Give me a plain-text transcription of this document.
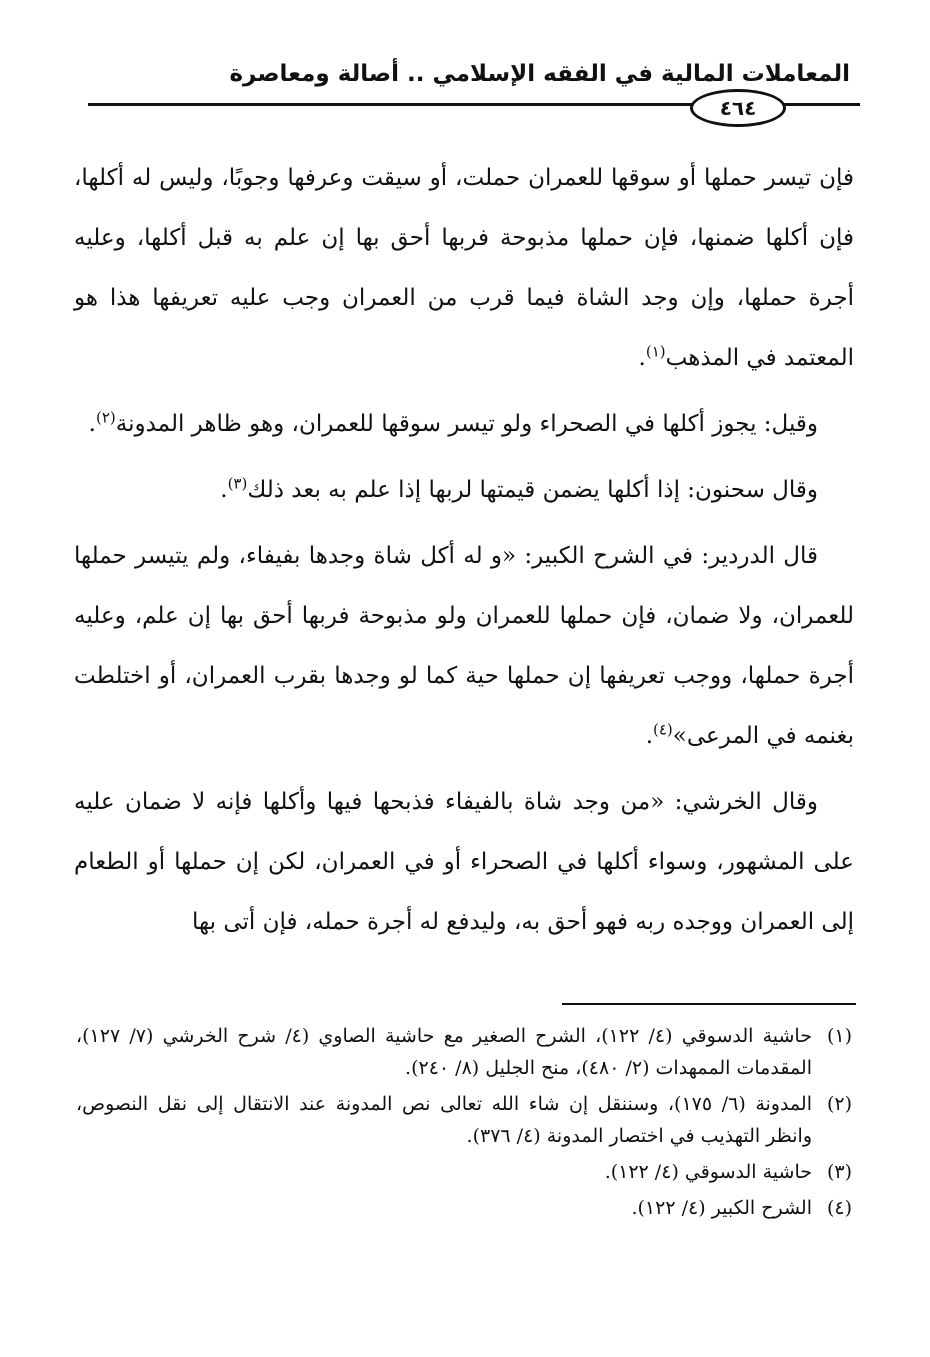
المعاملات المالية في الفقه الإسلامي .. أصالة ومعاصرة
٤٦٤

فإن تيسر حملها أو سوقها للعمران حملت، أو سيقت وعرفها وجوبًا، وليس له أكلها، فإن أكلها ضمنها، فإن حملها مذبوحة فربها أحق بها إن علم به قبل أكلها، وعليه أجرة حملها، وإن وجد الشاة فيما قرب من العمران وجب عليه تعريفها هذا هو المعتمد في المذهب$^{(١)}$.

وقيل: يجوز أكلها في الصحراء ولو تيسر سوقها للعمران، وهو ظاهر المدونة$^{(٢)}$.

وقال سحنون: إذا أكلها يضمن قيمتها لربها إذا علم به بعد ذلك$^{(٣)}$.

قال الدردير: في الشرح الكبير: «و له أكل شاة وجدها بفيفاء، ولم يتيسر حملها للعمران، ولا ضمان، فإن حملها للعمران ولو مذبوحة فربها أحق بها إن علم، وعليه أجرة حملها، ووجب تعريفها إن حملها حية كما لو وجدها بقرب العمران، أو اختلطت بغنمه في المرعى»$^{(٤)}$.

وقال الخرشي: «من وجد شاة بالفيفاء فذبحها فيها وأكلها فإنه لا ضمان عليه على المشهور، وسواء أكلها في الصحراء أو في العمران، لكن إن حملها أو الطعام إلى العمران ووجده ربه فهو أحق به، وليدفع له أجرة حمله، فإن أتى بها

(١)
حاشية الدسوقي (٤/ ١٢٢)، الشرح الصغير مع حاشية الصاوي (٤/ شرح الخرشي (٧/ ١٢٧)، المقدمات الممهدات (٢/ ٤٨٠)، منح الجليل (٨/ ٢٤٠).
(٢)
المدونة (٦/ ١٧٥)، وسننقل إن شاء الله تعالى نص المدونة عند الانتقال إلى نقل النصوص، وانظر التهذيب في اختصار المدونة (٤/ ٣٧٦).
(٣)
حاشية الدسوقي (٤/ ١٢٢).
(٤)
الشرح الكبير (٤/ ١٢٢).
